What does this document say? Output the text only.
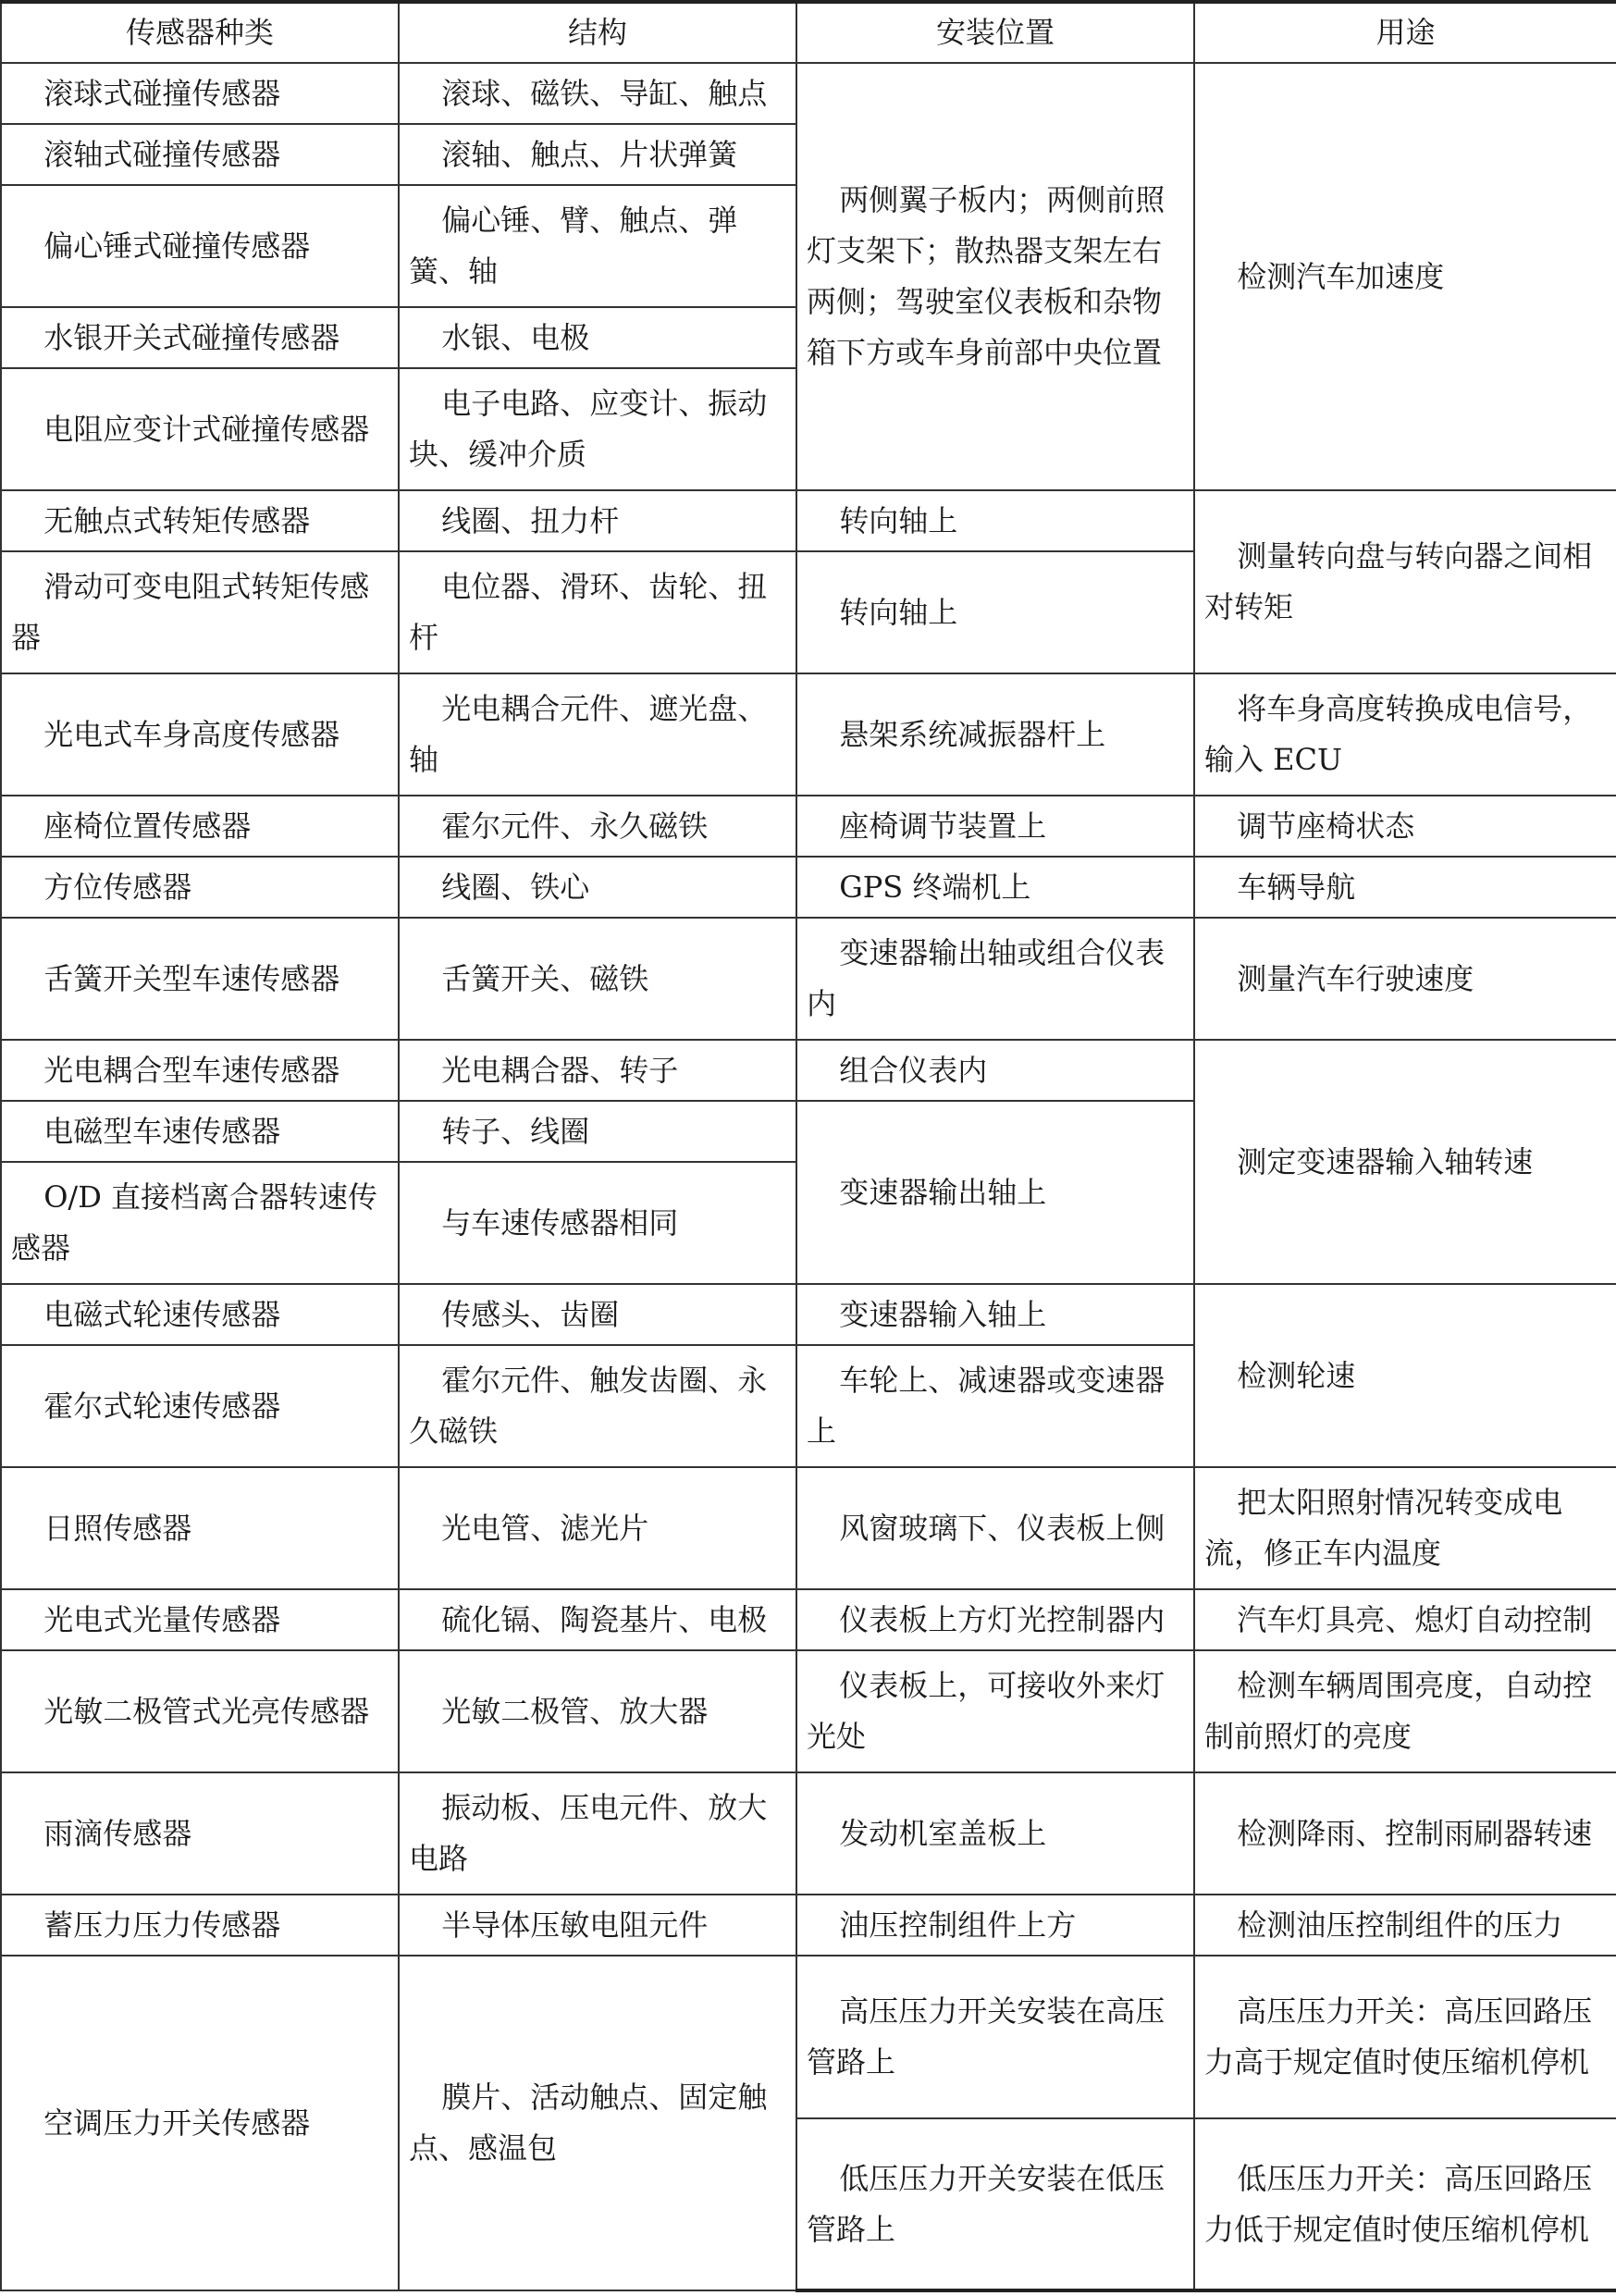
传感器种类	结构	安装位置	用途
滚球式碰撞传感器	滚球、磁铁、导缸、触点	两侧翼子板内；两侧前照灯支架下；散热器支架左右两侧；驾驶室仪表板和杂物箱下方或车身前部中央位置	检测汽车加速度
滚轴式碰撞传感器	滚轴、触点、片状弹簧		
偏心锤式碰撞传感器	偏心锤、臂、触点、弹簧、轴		
水银开关式碰撞传感器	水银、电极		
电阻应变计式碰撞传感器	电子电路、应变计、振动块、缓冲介质		
无触点式转矩传感器	线圈、扭力杆	转向轴上	测量转向盘与转向器之间相对转矩
滑动可变电阻式转矩传感器	电位器、滑环、齿轮、扭杆	转向轴上	
光电式车身高度传感器	光电耦合元件、遮光盘、轴	悬架系统减振器杆上	将车身高度转换成电信号，输入 ECU
座椅位置传感器	霍尔元件、永久磁铁	座椅调节装置上	调节座椅状态
方位传感器	线圈、铁心	GPS 终端机上	车辆导航
舌簧开关型车速传感器	舌簧开关、磁铁	变速器输出轴或组合仪表内	测量汽车行驶速度
光电耦合型车速传感器	光电耦合器、转子	组合仪表内	测定变速器输入轴转速
电磁型车速传感器	转子、线圈	变速器输出轴上	
O/D 直接档离合器转速传感器	与车速传感器相同		
电磁式轮速传感器	传感头、齿圈	变速器输入轴上	检测轮速
霍尔式轮速传感器	霍尔元件、触发齿圈、永久磁铁	车轮上、减速器或变速器上	
日照传感器	光电管、滤光片	风窗玻璃下、仪表板上侧	把太阳照射情况转变成电流，修正车内温度
光电式光量传感器	硫化镉、陶瓷基片、电极	仪表板上方灯光控制器内	汽车灯具亮、熄灯自动控制
光敏二极管式光亮传感器	光敏二极管、放大器	仪表板上，可接收外来灯光处	检测车辆周围亮度，自动控制前照灯的亮度
雨滴传感器	振动板、压电元件、放大电路	发动机室盖板上	检测降雨、控制雨刷器转速
蓄压力压力传感器	半导体压敏电阻元件	油压控制组件上方	检测油压控制组件的压力
空调压力开关传感器	膜片、活动触点、固定触点、感温包	高压压力开关安装在高压管路上	高压压力开关：高压回路压力高于规定值时使压缩机停机
		低压压力开关安装在低压管路上	低压压力开关：高压回路压力低于规定值时使压缩机停机
